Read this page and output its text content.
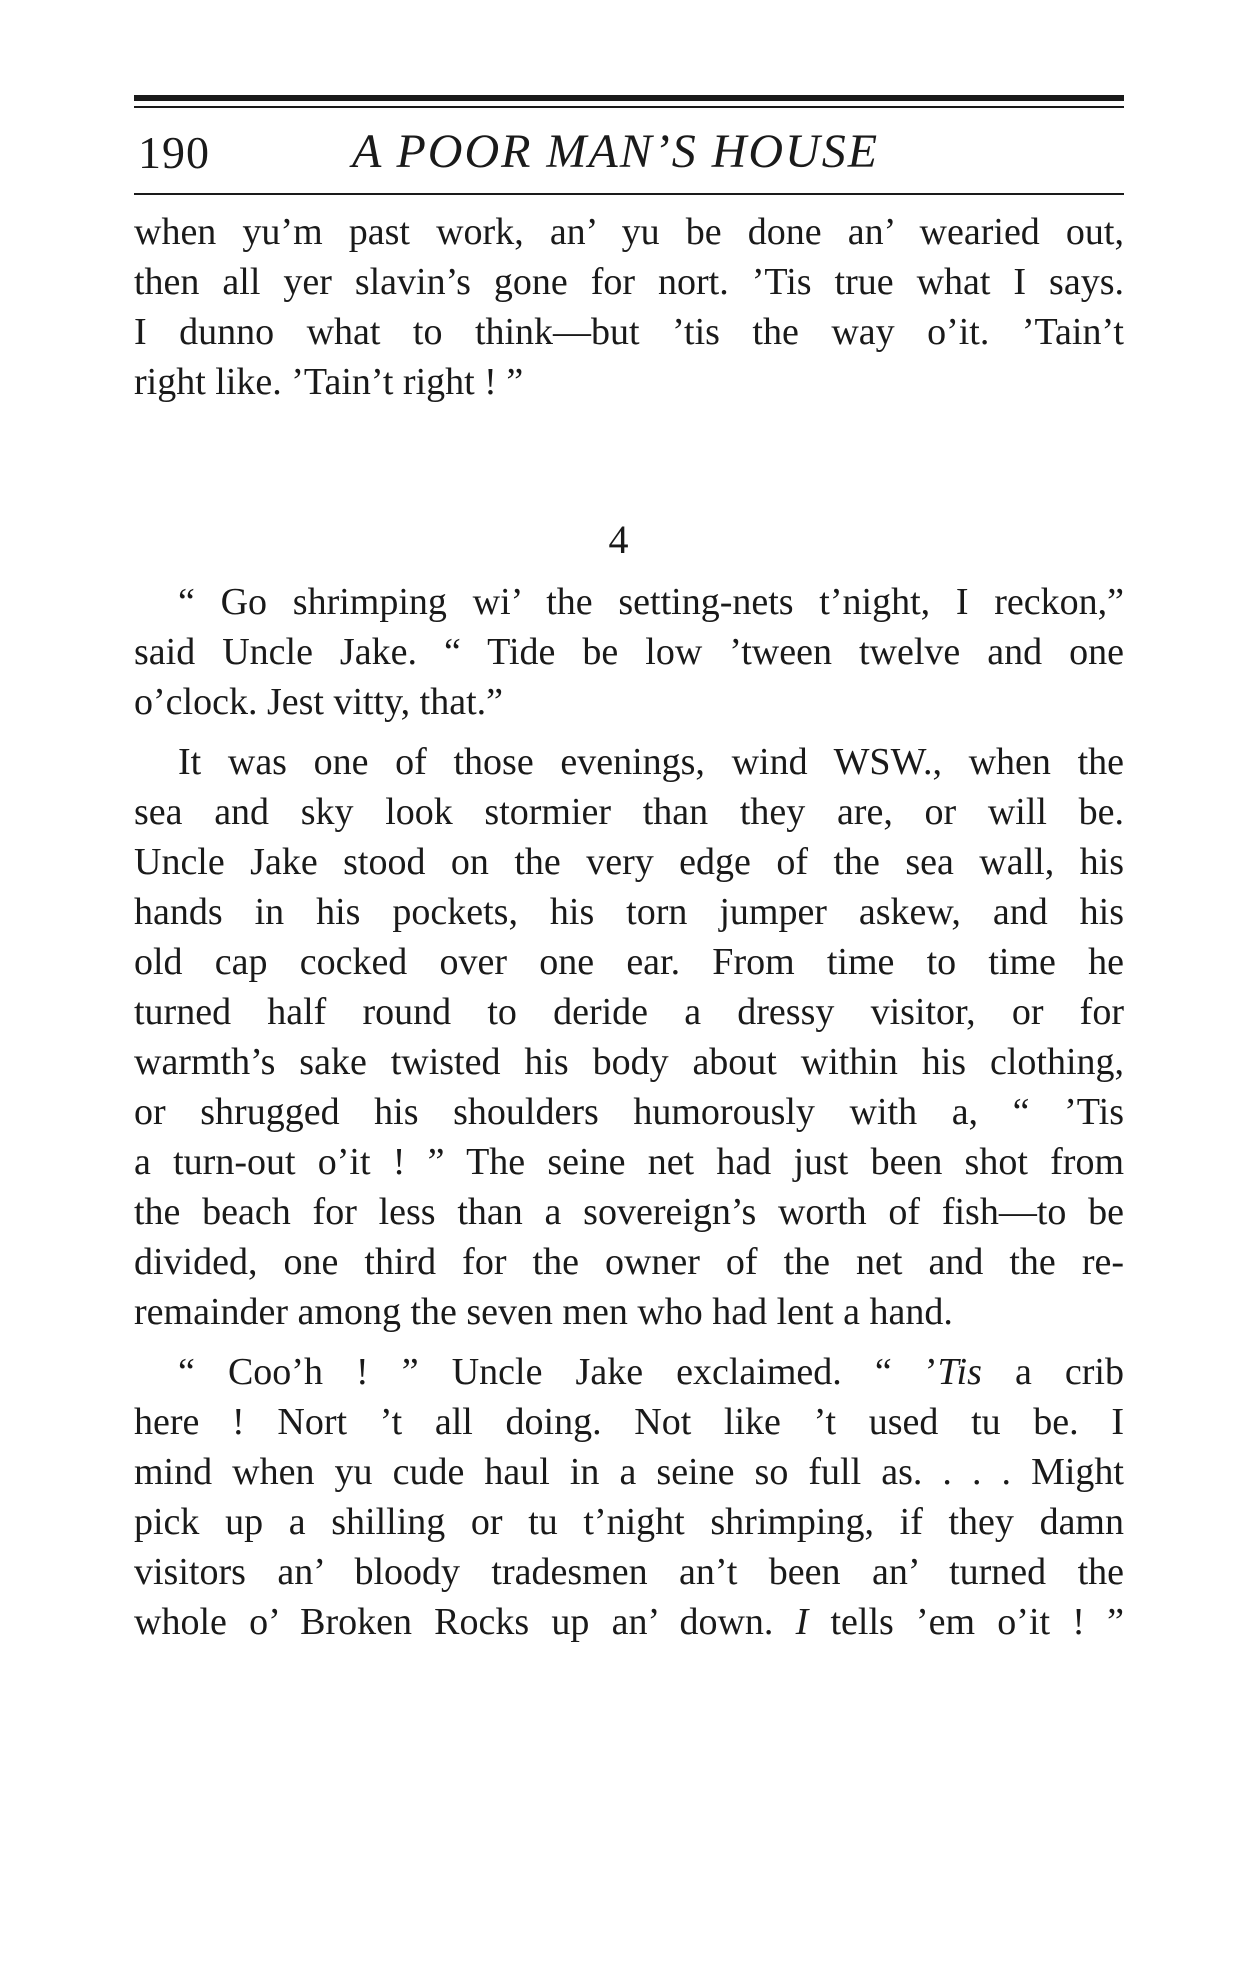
190	A POOR MAN’S HOUSE
when yu’m past work, an’ yu be done an’ wearied out,
then all yer slavin’s gone for nort. ’Tis true what I says.
I dunno what to think—but ’tis the way o’it. ’Tain’t
right like. ’Tain’t right ! ”
4
“ Go shrimping wi’ the setting-nets t’night, I reckon,”
said Uncle Jake. “ Tide be low ’tween twelve and one
o’clock. Jest vitty, that.”
It was one of those evenings, wind WSW., when the
sea and sky look stormier than they are, or will be.
Uncle Jake stood on the very edge of the sea wall, his
hands in his pockets, his torn jumper askew, and his
old cap cocked over one ear. From time to time he
turned half round to deride a dressy visitor, or for
warmth’s sake twisted his body about within his clothing,
or shrugged his shoulders humorously with a, “ ’Tis
a turn-out o’it ! ” The seine net had just been shot from
the beach for less than a sovereign’s worth of fish—to be
divided, one third for the owner of the net and the re-
remainder among the seven men who had lent a hand.
“ Coo’h ! ” Uncle Jake exclaimed. “ ’Tis a crib
here ! Nort ’t all doing. Not like ’t used tu be. I
mind when yu cude haul in a seine so full as. . . . Might
pick up a shilling or tu t’night shrimping, if they damn
visitors an’ bloody tradesmen an’t been an’ turned the
whole o’ Broken Rocks up an’ down. I tells ’em o’it ! ”
